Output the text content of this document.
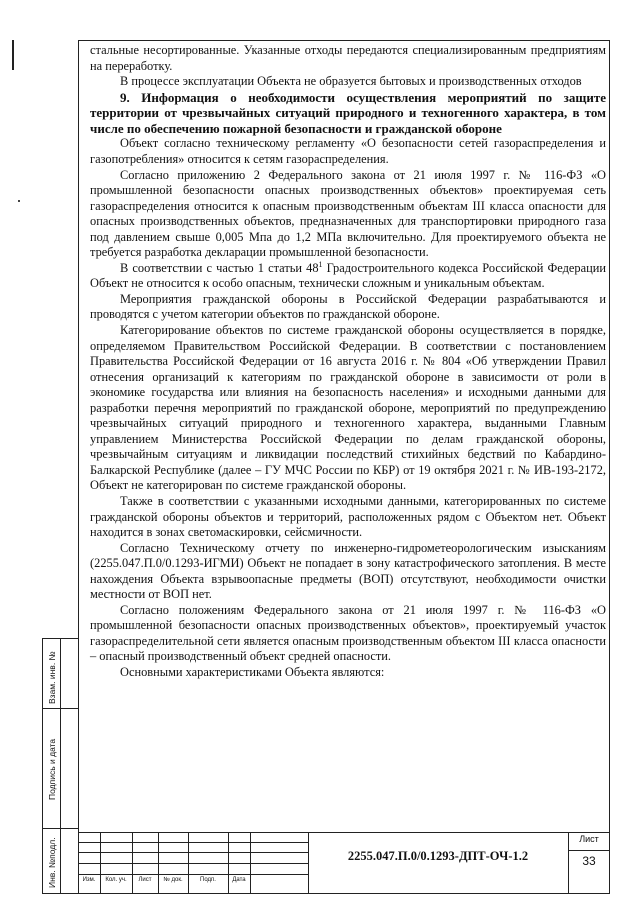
стальные несортированные. Указанные отходы передаются специализированным предприятиям на переработку.

В процессе эксплуатации Объекта не образуется бытовых и производственных отходов

9. Информация о необходимости осуществления мероприятий по защите территории от чрезвычайных ситуаций природного и техногенного характера, в том числе по обеспечению пожарной безопасности и гражданской обороне

Объект согласно техническому регламенту «О безопасности сетей газораспределения и газопотребления» относится к сетям газораспределения.

Согласно приложению 2 Федерального закона от 21 июля 1997 г. № 116-ФЗ «О промышленной безопасности опасных производственных объектов» проектируемая сеть газораспределения относится к опасным производственным объектам III класса опасности для опасных производственных объектов, предназначенных для транспортировки природного газа под давлением свыше 0,005 Мпа до 1,2 МПа включительно. Для проектируемого объекта не требуется разработка декларации промышленной безопасности.

В соответствии с частью 1 статьи $48^1$ Градостроительного кодекса Российской Федерации Объект не относится к особо опасным, технически сложным и уникальным объектам.

Мероприятия гражданской обороны в Российской Федерации разрабатываются и проводятся с учетом категории объектов по гражданской обороне.

Категорирование объектов по системе гражданской обороны осуществляется в порядке, определяемом Правительством Российской Федерации. В соответствии с постановлением Правительства Российской Федерации от 16 августа 2016 г. № 804 «Об утверждении Правил отнесения организаций к категориям по гражданской обороне в зависимости от роли в экономике государства или влияния на безопасность населения» и исходными данными для разработки перечня мероприятий по гражданской обороне, мероприятий по предупреждению чрезвычайных ситуаций природного и техногенного характера, выданными Главным управлением Министерства Российской Федерации по делам гражданской обороны, чрезвычайным ситуациям и ликвидации последствий стихийных бедствий по Кабардино-Балкарской Республике (далее – ГУ МЧС России по КБР) от 19 октября 2021 г. № ИВ-193-2172, Объект не категорирован по системе гражданской обороны.

Также в соответствии с указанными исходными данными, категорированных по системе гражданской обороны объектов и территорий, расположенных рядом с Объектом нет. Объект находится в зонах светомаскировки, сейсмичности.

Согласно Техническому отчету по инженерно-гидрометеорологическим изысканиям (2255.047.П.0/0.1293-ИГМИ) Объект не попадает в зону катастрофического затопления. В месте нахождения Объекта взрывоопасные предметы (ВОП) отсутствуют, необходимости очистки местности от ВОП нет.

Согласно положениям Федерального закона от 21 июля 1997 г. № 116-ФЗ «О промышленной безопасности опасных производственных объектов», проектируемый участок газораспределительной сети является опасным производственным объектом III класса опасности – опасный производственный объект средней опасности.

Основными характеристиками Объекта являются:

Взам. инв. №
Подпись и дата
Инв. №подл.	Изм.	Кол. уч.	Лист	№ док.	Подп.	Дата
2255.047.П.0/0.1293-ДПТ-ОЧ-1.2
Лист
33
